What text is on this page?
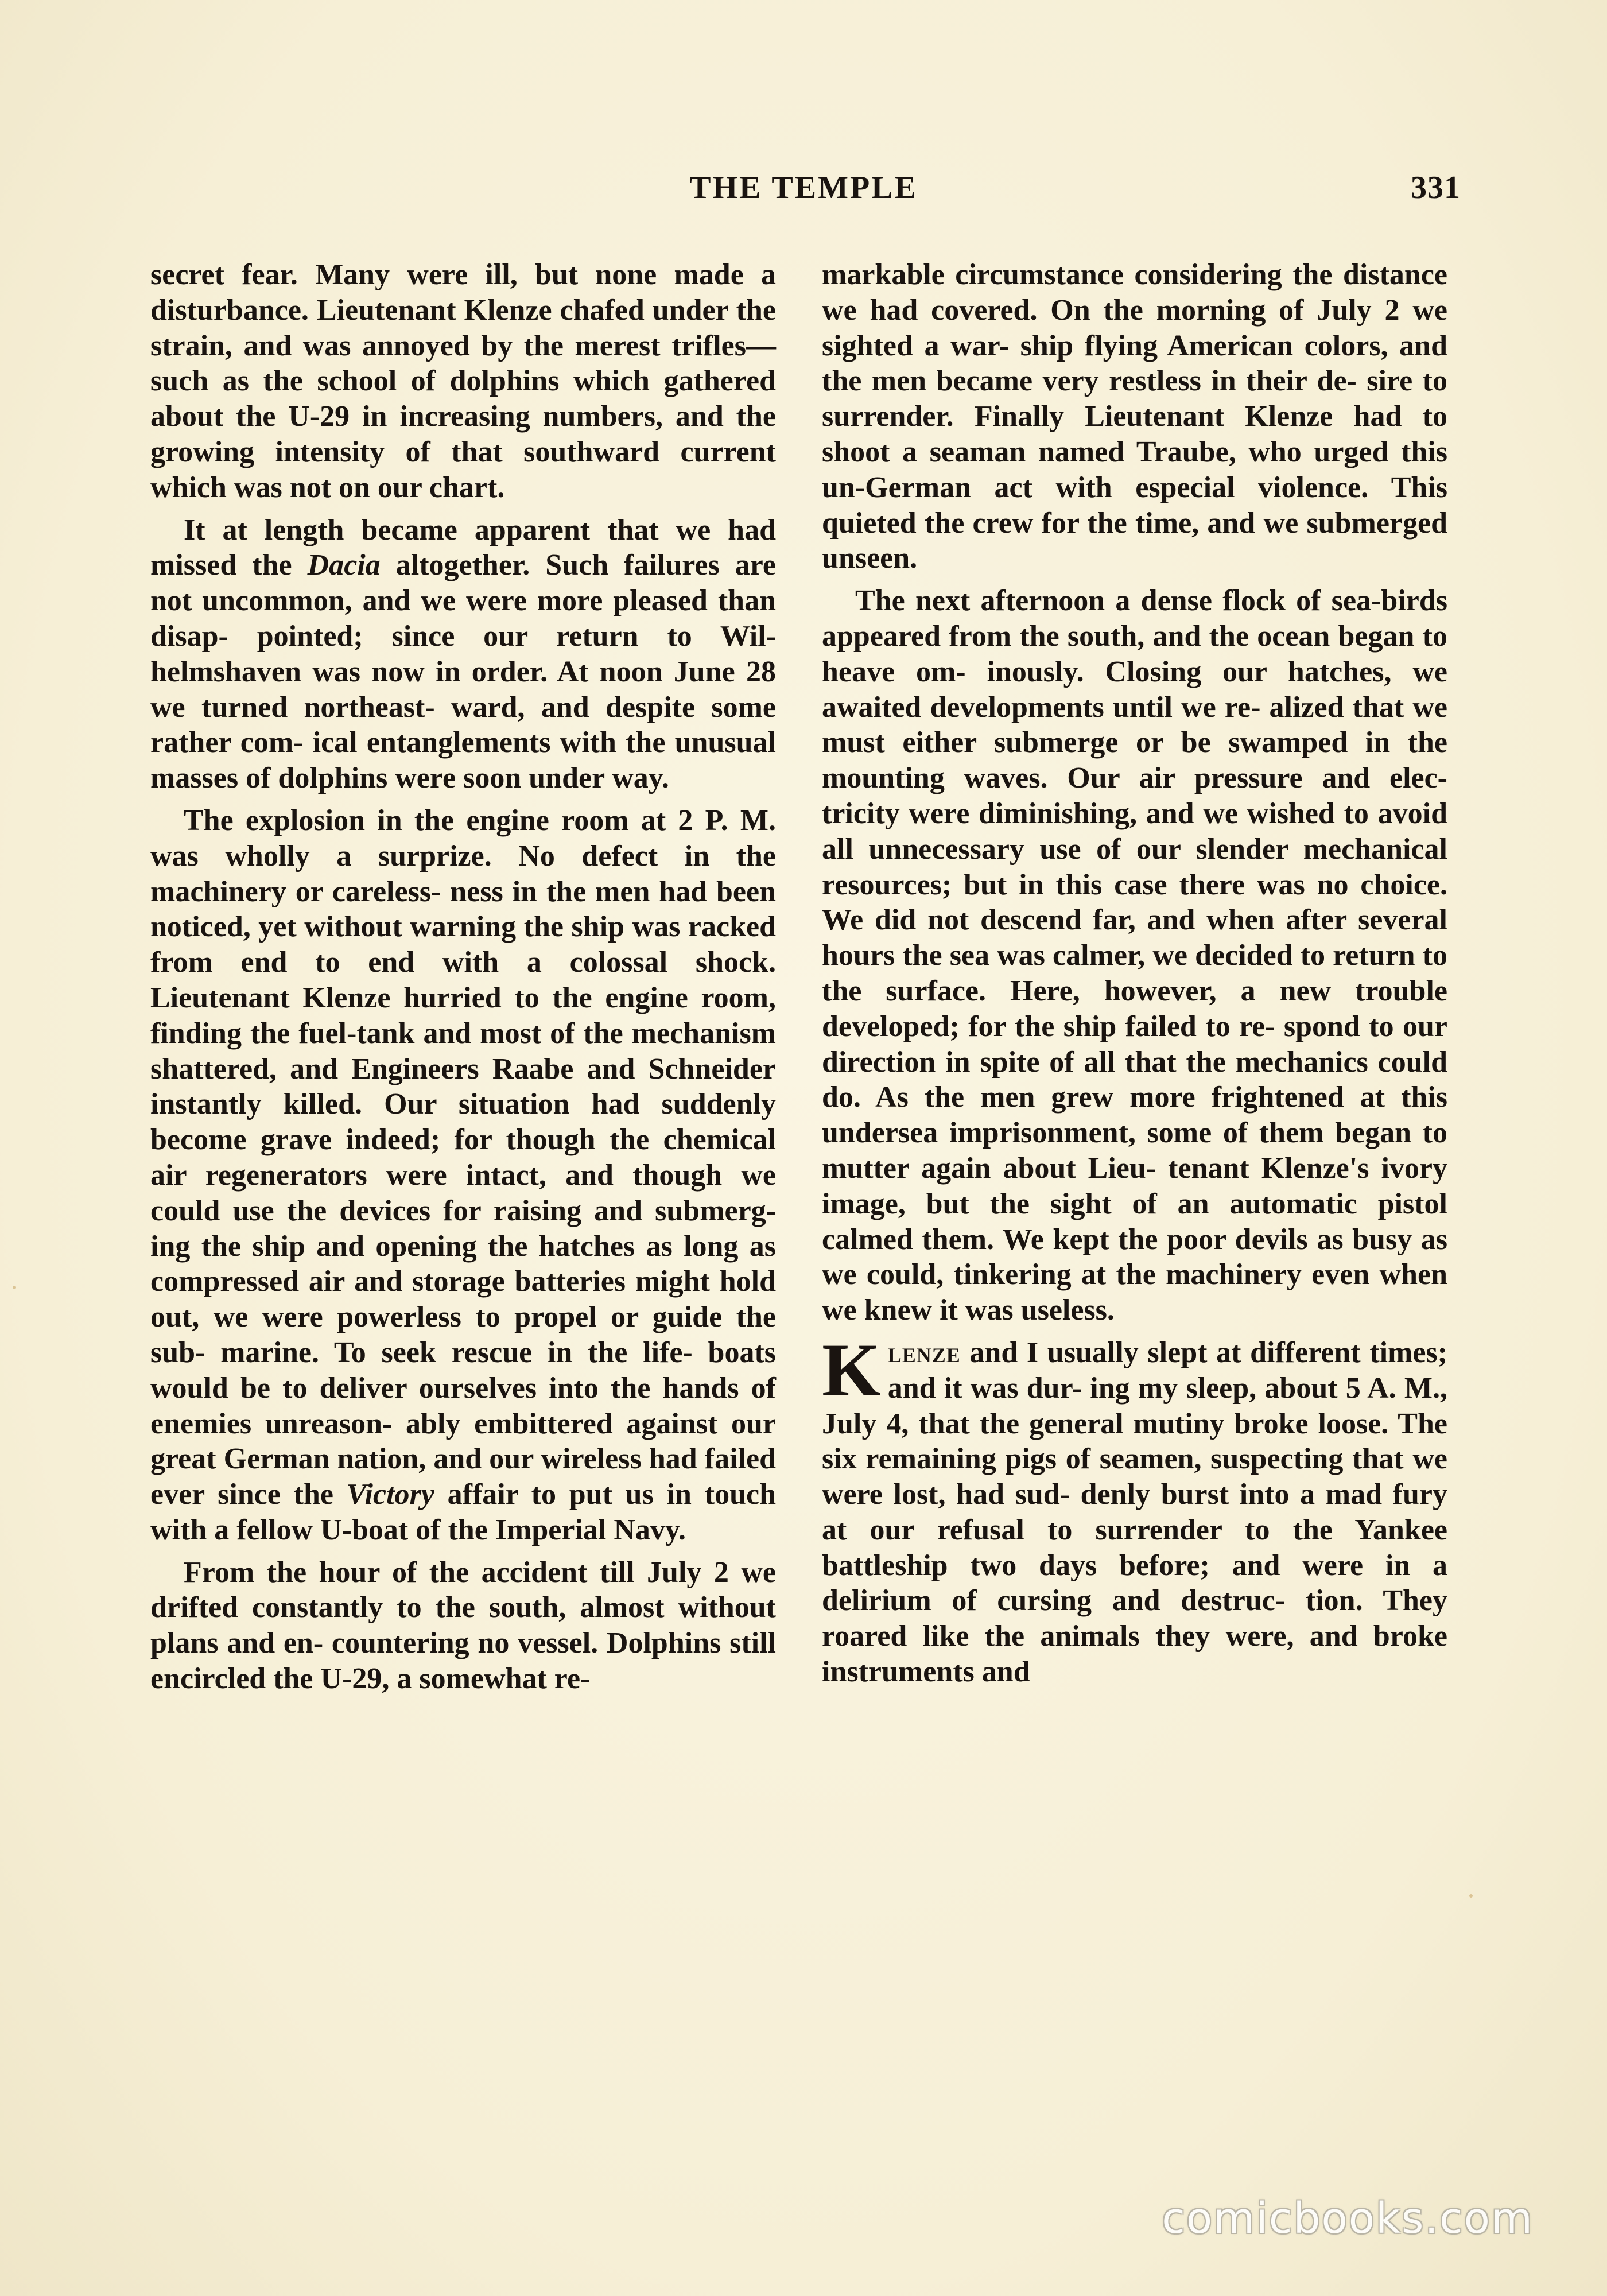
THE TEMPLE	331

secret fear. Many were ill, but none made a disturbance. Lieutenant Klenze chafed under the strain, and was annoyed by the merest trifles— such as the school of dolphins which gathered about the U-29 in increasing numbers, and the growing intensity of that southward current which was not on our chart.

It at length became apparent that we had missed the Dacia altogether. Such failures are not uncommon, and we were more pleased than disap- pointed; since our return to Wil- helmshaven was now in order. At noon June 28 we turned northeast- ward, and despite some rather com- ical entanglements with the unusual masses of dolphins were soon under way.

The explosion in the engine room at 2 P. M. was wholly a surprize. No defect in the machinery or careless- ness in the men had been noticed, yet without warning the ship was racked from end to end with a colossal shock. Lieutenant Klenze hurried to the engine room, finding the fuel-tank and most of the mechanism shattered, and Engineers Raabe and Schneider instantly killed. Our situation had suddenly become grave indeed; for though the chemical air regenerators were intact, and though we could use the devices for raising and submerg- ing the ship and opening the hatches as long as compressed air and storage batteries might hold out, we were powerless to propel or guide the sub- marine. To seek rescue in the life- boats would be to deliver ourselves into the hands of enemies unreason- ably embittered against our great German nation, and our wireless had failed ever since the Victory affair to put us in touch with a fellow U-boat of the Imperial Navy.

From the hour of the accident till July 2 we drifted constantly to the south, almost without plans and en- countering no vessel. Dolphins still encircled the U-29, a somewhat re-

markable circumstance considering the distance we had covered. On the morning of July 2 we sighted a war- ship flying American colors, and the men became very restless in their de- sire to surrender. Finally Lieutenant Klenze had to shoot a seaman named Traube, who urged this un-German act with especial violence. This quieted the crew for the time, and we submerged unseen.

The next afternoon a dense flock of sea-birds appeared from the south, and the ocean began to heave om- inously. Closing our hatches, we awaited developments until we re- alized that we must either submerge or be swamped in the mounting waves. Our air pressure and elec- tricity were diminishing, and we wished to avoid all unnecessary use of our slender mechanical resources; but in this case there was no choice. We did not descend far, and when after several hours the sea was calmer, we decided to return to the surface. Here, however, a new trouble developed; for the ship failed to re- spond to our direction in spite of all that the mechanics could do. As the men grew more frightened at this undersea imprisonment, some of them began to mutter again about Lieu- tenant Klenze's ivory image, but the sight of an automatic pistol calmed them. We kept the poor devils as busy as we could, tinkering at the machinery even when we knew it was useless.

Klenze and I usually slept at different times; and it was dur- ing my sleep, about 5 A. M., July 4, that the general mutiny broke loose. The six remaining pigs of seamen, suspecting that we were lost, had sud- denly burst into a mad fury at our refusal to surrender to the Yankee battleship two days before; and were in a delirium of cursing and destruc- tion. They roared like the animals they were, and broke instruments and

comicbooks.com
